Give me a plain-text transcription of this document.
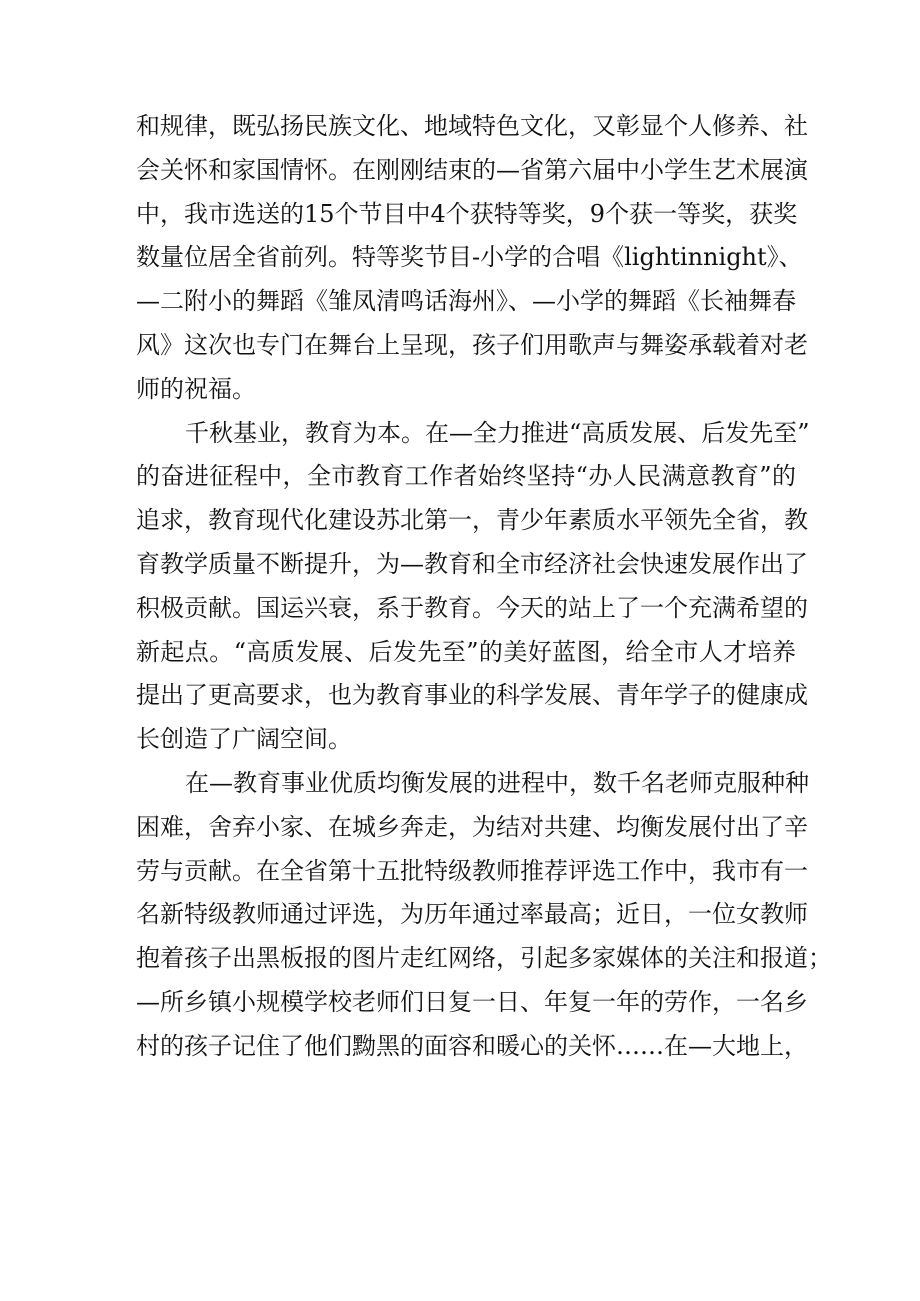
和规律，既弘扬民族文化、地域特色文化，又彰显个人修养、社
会关怀和家国情怀。在刚刚结束的—省第六届中小学生艺术展演
中，我市选送的15个节目中4个获特等奖，9个获一等奖，获奖
数量位居全省前列。特等奖节目-小学的合唱《lightinnight》、
—二附小的舞蹈《雏凤清鸣话海州》、—小学的舞蹈《长袖舞春
风》这次也专门在舞台上呈现，孩子们用歌声与舞姿承载着对老
师的祝福。
千秋基业，教育为本。在—全力推进“高质发展、后发先至”
的奋进征程中，全市教育工作者始终坚持“办人民满意教育”的
追求，教育现代化建设苏北第一，青少年素质水平领先全省，教
育教学质量不断提升，为—教育和全市经济社会快速发展作出了
积极贡献。国运兴衰，系于教育。今天的站上了一个充满希望的
新起点。“高质发展、后发先至”的美好蓝图，给全市人才培养
提出了更高要求，也为教育事业的科学发展、青年学子的健康成
长创造了广阔空间。
在—教育事业优质均衡发展的进程中，数千名老师克服种种
困难，舍弃小家、在城乡奔走，为结对共建、均衡发展付出了辛
劳与贡献。在全省第十五批特级教师推荐评选工作中，我市有一
名新特级教师通过评选，为历年通过率最高；近日，一位女教师
抱着孩子出黑板报的图片走红网络，引起多家媒体的关注和报道；
—所乡镇小规模学校老师们日复一日、年复一年的劳作，一名乡
村的孩子记住了他们黝黑的面容和暖心的关怀……在—大地上，
